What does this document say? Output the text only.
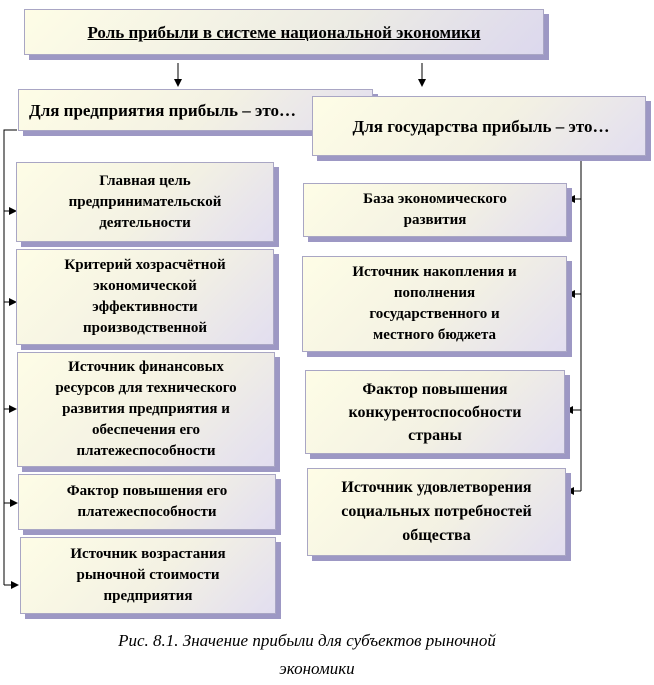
Роль прибыли в системе национальной экономики
Для предприятия прибыль – это…
Для государства прибыль – это…
Главная цель
предпринимательской
деятельности
Критерий хозрасчётной
экономической
эффективности
производственной
Источник финансовых
ресурсов для технического
развития предприятия и
обеспечения его
платежеспособности
Фактор повышения его
платежеспособности
Источник возрастания
рыночной стоимости
предприятия
База экономического
развития
Источник накопления и
пополнения
государственного и
местного бюджета
Фактор повышения
конкурентоспособности
страны
Источник удовлетворения
социальных потребностей
общества
Рис. 8.1. Значение прибыли для субъектов рыночной
экономики
